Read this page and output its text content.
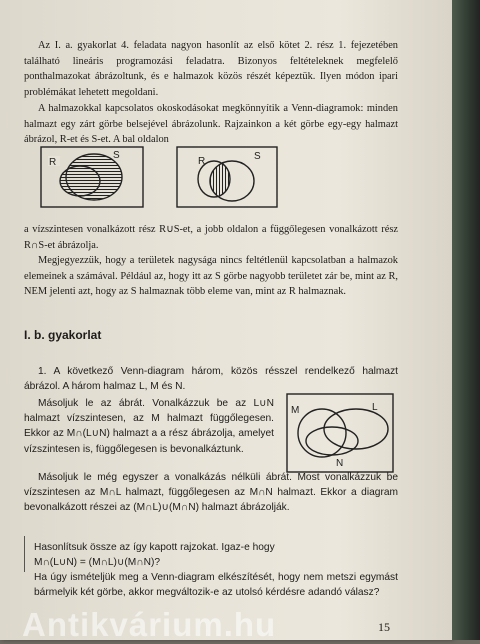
Az I. a. gyakorlat 4. feladata nagyon hasonlít az első kötet 2. rész 1. fejezetében található lineáris programozási feladatra. Bizonyos feltételeknek megfelelő ponthalmazokat ábrázoltunk, és e halmazok közös részét képeztük. Ilyen módon ipari problémákat lehetett megoldani.

A halmazokkal kapcsolatos okoskodásokat megkönnyítik a Venn-diagramok: minden halmazt egy zárt görbe belsejével ábrázolunk. Rajzainkon a két görbe egy-egy halmazt ábrázol, R-et és S-et. A bal oldalon

R
S
R	S

a vízszintesen vonalkázott rész R∪S-et, a jobb oldalon a függőlegesen vonalkázott rész R∩S-et ábrázolja.

Megjegyezzük, hogy a területek nagysága nincs feltétlenül kapcsolatban a halmazok elemeinek a számával. Például az, hogy itt az S görbe nagyobb területet zár be, mint az R, NEM jelenti azt, hogy az S halmaznak több eleme van, mint az R halmaznak.

I. b. gyakorlat

1. A következő Venn-diagram három, közös résszel rendelkező halmazt ábrázol. A három halmaz L, M és N.

Másoljuk le az ábrát. Vonalkázzuk be az L∪N halmazt vízszintesen, az M halmazt függőlegesen. Ekkor az M∩(L∪N) halmazt a a rész ábrázolja, amelyet vízszintesen is, függőlegesen is bevonalkáztunk.

M	L
N

Másoljuk le még egyszer a vonalkázás nélküli ábrát. Most vonalkázzuk be vízszintesen az M∩L halmazt, függőlegesen az M∩N halmazt. Ekkor a diagram bevonalkázott részei az (M∩L)∪(M∩N) halmazt ábrázolják.

Hasonlítsuk össze az így kapott rajzokat. Igaz-e hogy

M∩(L∪N) = (M∩L)∪(M∩N)?

Ha úgy ismételjük meg a Venn-diagram elkészítését, hogy nem metszi egymást bármelyik két görbe, akkor megváltozik-e az utolsó kérdésre adandó válasz?

Antikvárium.hu	15
